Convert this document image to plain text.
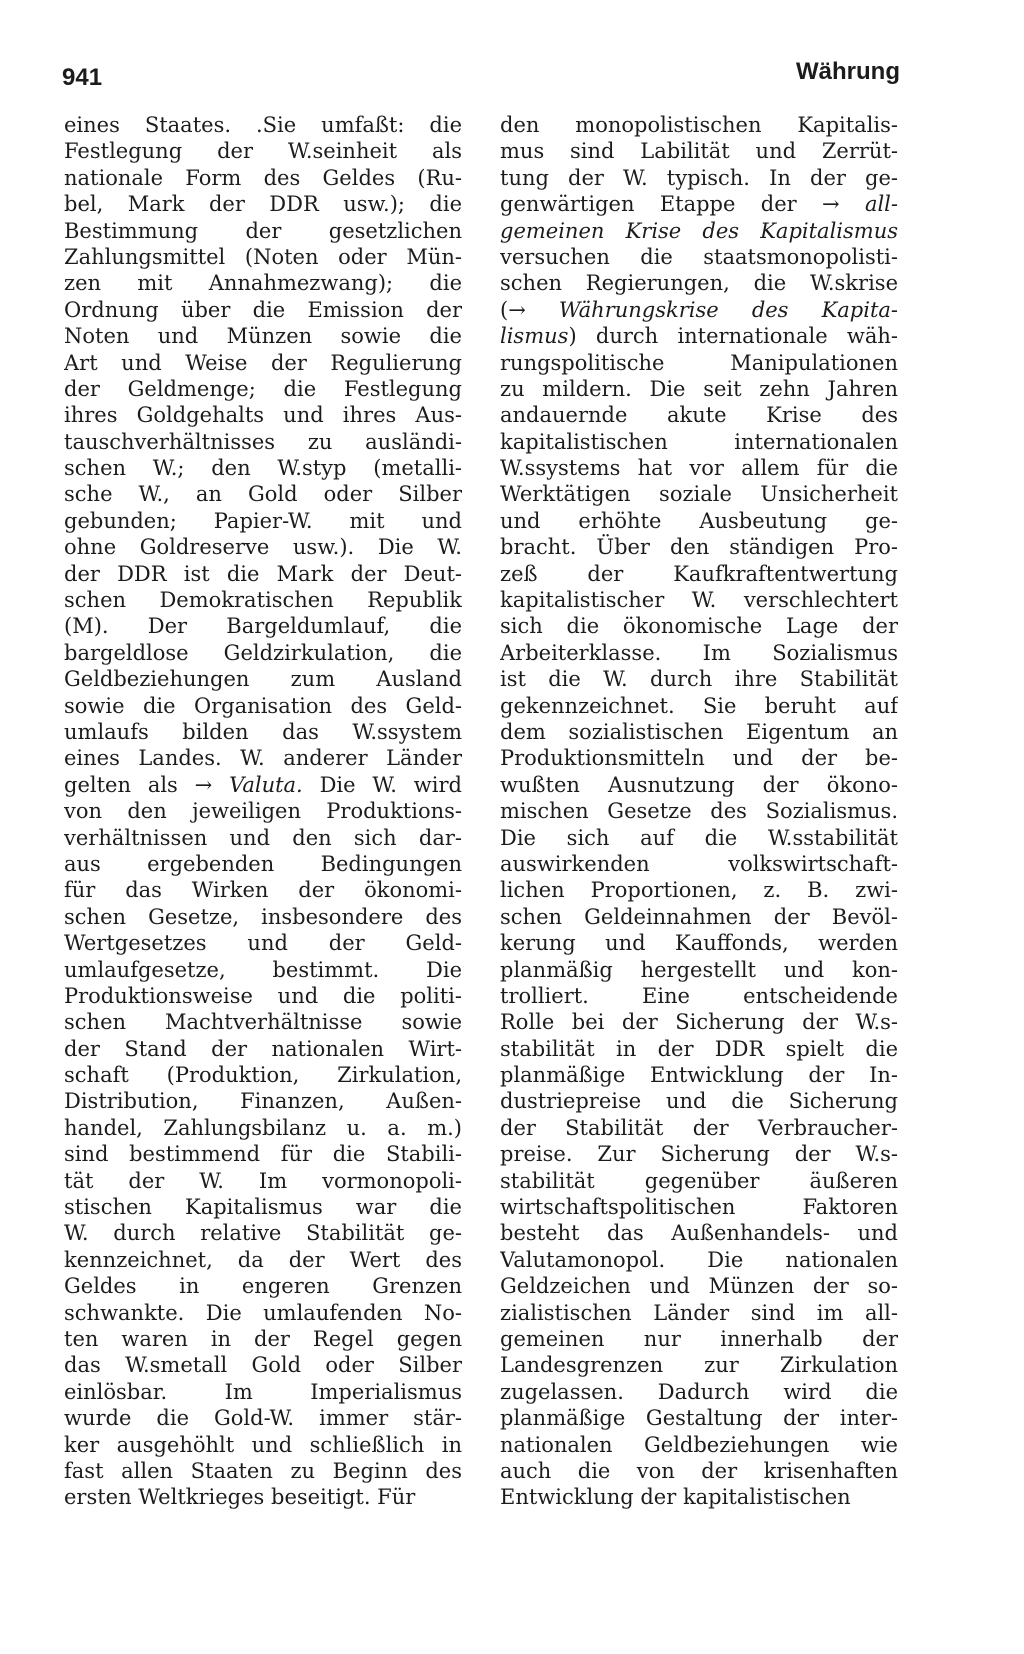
941	Währung
eines Staates. .Sie umfaßt: die
Festlegung der W.seinheit als
nationale Form des Geldes (Ru-
bel, Mark der DDR usw.); die
Bestimmung der gesetzlichen
Zahlungsmittel (Noten oder Mün-
zen mit Annahmezwang); die
Ordnung über die Emission der
Noten und Münzen sowie die
Art und Weise der Regulierung
der Geldmenge; die Festlegung
ihres Goldgehalts und ihres Aus-
tauschverhältnisses zu ausländi-
schen W.; den W.styp (metalli-
sche W., an Gold oder Silber
gebunden; Papier-W. mit und
ohne Goldreserve usw.). Die W.
der DDR ist die Mark der Deut-
schen Demokratischen Republik
(M). Der Bargeldumlauf, die
bargeldlose Geldzirkulation, die
Geldbeziehungen zum Ausland
sowie die Organisation des Geld-
umlaufs bilden das W.ssystem
eines Landes. W. anderer Länder
gelten als → Valuta. Die W. wird
von den jeweiligen Produktions-
verhältnissen und den sich dar-
aus ergebenden Bedingungen
für das Wirken der ökonomi-
schen Gesetze, insbesondere des
Wertgesetzes und der Geld-
umlaufgesetze, bestimmt. Die
Produktionsweise und die politi-
schen Machtverhältnisse sowie
der Stand der nationalen Wirt-
schaft (Produktion, Zirkulation,
Distribution, Finanzen, Außen-
handel, Zahlungsbilanz u. a. m.)
sind bestimmend für die Stabili-
tät der W. Im vormonopoli-
stischen Kapitalismus war die
W. durch relative Stabilität ge-
kennzeichnet, da der Wert des
Geldes in engeren Grenzen
schwankte. Die umlaufenden No-
ten waren in der Regel gegen
das W.smetall Gold oder Silber
einlösbar. Im Imperialismus
wurde die Gold-W. immer stär-
ker ausgehöhlt und schließlich in
fast allen Staaten zu Beginn des
ersten Weltkrieges beseitigt. Für
den monopolistischen Kapitalis-
mus sind Labilität und Zerrüt-
tung der W. typisch. In der ge-
genwärtigen Etappe der → all-
gemeinen Krise des Kapitalismus
versuchen die staatsmonopolisti-
schen Regierungen, die W.skrise
(→ Währungskrise des Kapita-
lismus) durch internationale wäh-
rungspolitische Manipulationen
zu mildern. Die seit zehn Jahren
andauernde akute Krise des
kapitalistischen internationalen
W.ssystems hat vor allem für die
Werktätigen soziale Unsicherheit
und erhöhte Ausbeutung ge-
bracht. Über den ständigen Pro-
zeß der Kaufkraftentwertung
kapitalistischer W. verschlechtert
sich die ökonomische Lage der
Arbeiterklasse. Im Sozialismus
ist die W. durch ihre Stabilität
gekennzeichnet. Sie beruht auf
dem sozialistischen Eigentum an
Produktionsmitteln und der be-
wußten Ausnutzung der ökono-
mischen Gesetze des Sozialismus.
Die sich auf die W.sstabilität
auswirkenden volkswirtschaft-
lichen Proportionen, z. B. zwi-
schen Geldeinnahmen der Bevöl-
kerung und Kauffonds, werden
planmäßig hergestellt und kon-
trolliert. Eine entscheidende
Rolle bei der Sicherung der W.s-
stabilität in der DDR spielt die
planmäßige Entwicklung der In-
dustriepreise und die Sicherung
der Stabilität der Verbraucher-
preise. Zur Sicherung der W.s-
stabilität gegenüber äußeren
wirtschaftspolitischen Faktoren
besteht das Außenhandels- und
Valutamonopol. Die nationalen
Geldzeichen und Münzen der so-
zialistischen Länder sind im all-
gemeinen nur innerhalb der
Landesgrenzen zur Zirkulation
zugelassen. Dadurch wird die
planmäßige Gestaltung der inter-
nationalen Geldbeziehungen wie
auch die von der krisenhaften
Entwicklung der kapitalistischen
